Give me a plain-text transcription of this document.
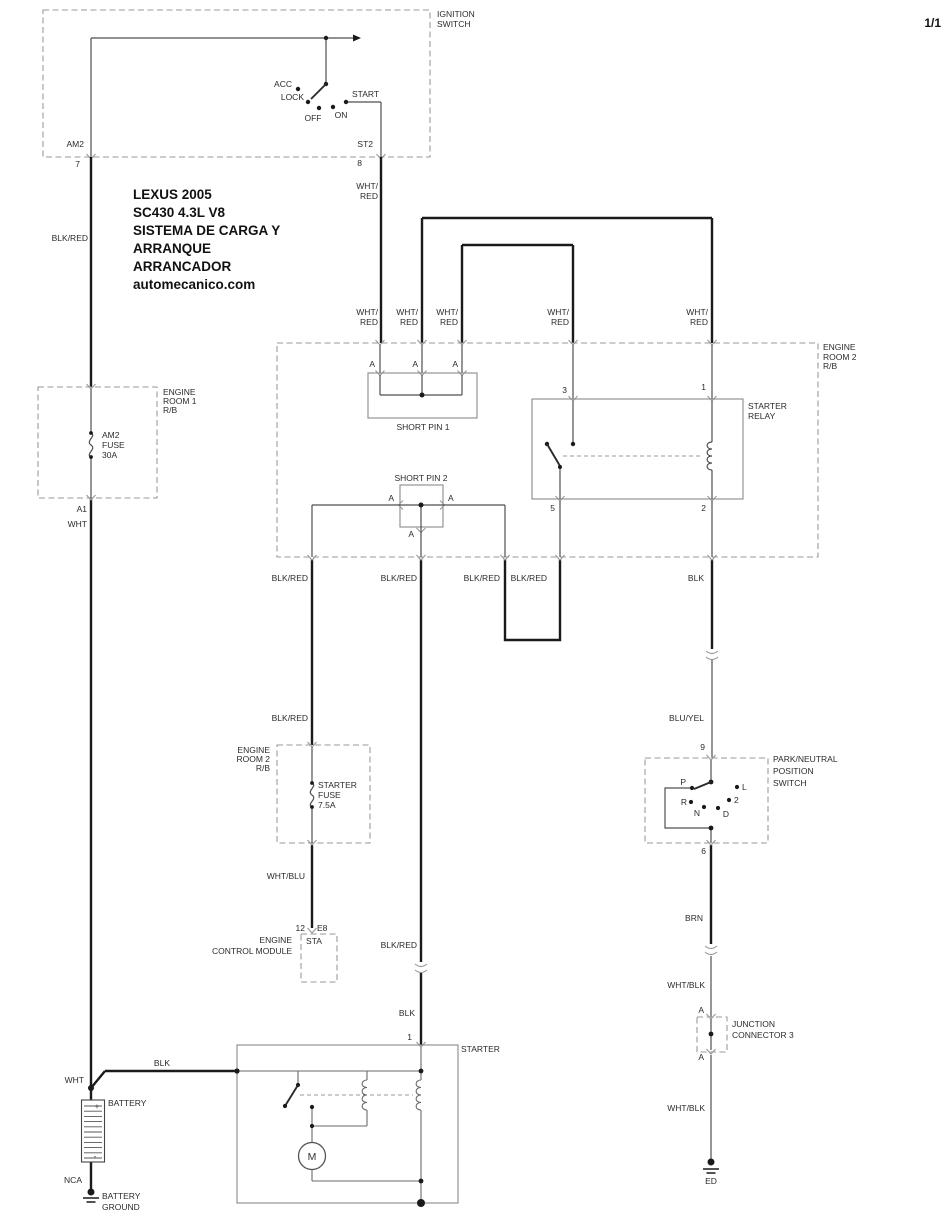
1/1
IGNITION
SWITCH
ACC
LOCK
OFF ON
START
AM2	ST2
7	8
LEXUS 2005
SC430 4.3L V8
SISTEMA DE CARGA Y
ARRANQUE
ARRANCADOR
automecanico.com
BLK/RED
WHT/
RED
ENGINE
ROOM 1
R/B
AM2
FUSE
30A
A1
WHT
WHT/
RED
WHT/
RED
WHT/
RED
WHT/
RED
WHT/
RED
ENGINE
ROOM 2
R/B
A	A	A
SHORT PIN 1
3	1
STARTER
RELAY
5	2
SHORT PIN 2
A	A
A
BLK/RED	BLK/RED	BLK/RED BLK/RED	BLK
BLK/RED	BLU/YEL
ENGINE
ROOM 2
R/B
STARTER
FUSE
7.5A
WHT/BLU
12 E8
STA
ENGINE
CONTROL MODULE
BLK/RED
BLK
9
PARK/NEUTRAL
POSITION
SWITCH
P
R
N	D
2
L
6
BRN
WHT/BLK
A
JUNCTION
CONNECTOR 3
A
WHT/BLK
ED
1
STARTER
M
WHT
BLK
+
-
BATTERY
NCA
BATTERY
GROUND
